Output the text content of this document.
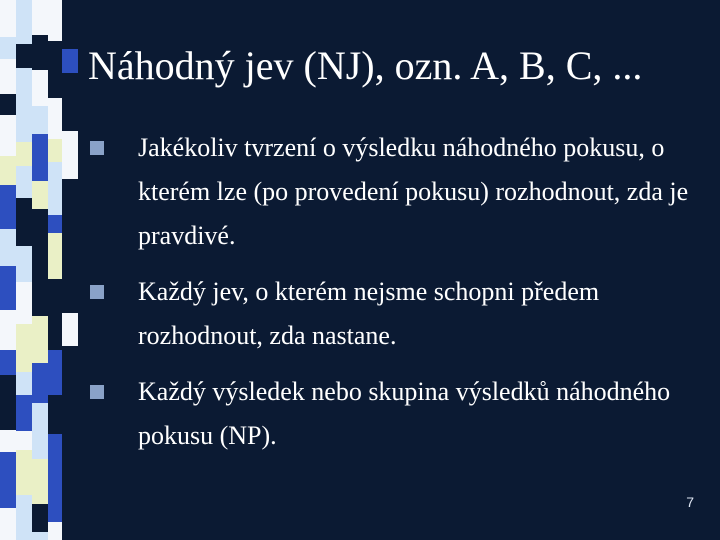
Náhodný jev (NJ), ozn. A, B, C, ...
Jakékoliv tvrzení o výsledku náhodného pokusu, o kterém lze (po provedení pokusu) rozhodnout, zda je pravdivé.
Každý jev, o kterém nejsme schopni předem rozhodnout, zda nastane.
Každý výsledek nebo skupina výsledků náhodného pokusu (NP).
7
